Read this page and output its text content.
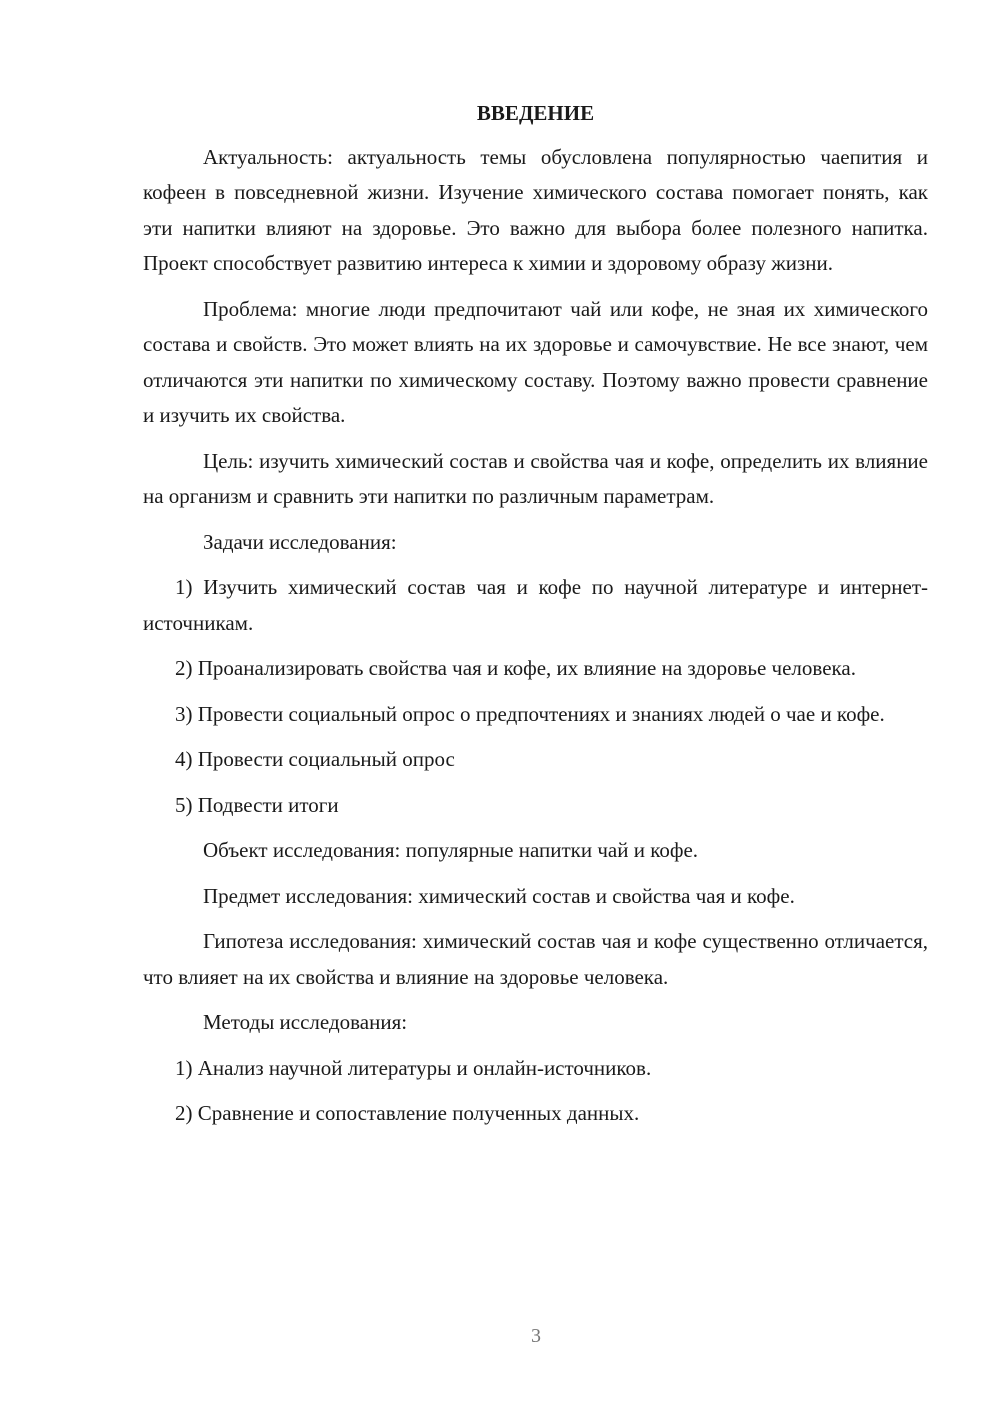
ВВЕДЕНИЕ

Актуальность: актуальность темы обусловлена популярностью чаепития и кофеен в повседневной жизни. Изучение химического состава помогает понять, как эти напитки влияют на здоровье. Это важно для выбора более полезного напитка. Проект способствует развитию интереса к химии и здоровому образу жизни.

Проблема: многие люди предпочитают чай или кофе, не зная их химического состава и свойств. Это может влиять на их здоровье и самочувствие. Не все знают, чем отличаются эти напитки по химическому составу. Поэтому важно провести сравнение и изучить их свойства.

Цель: изучить химический состав и свойства чая и кофе, определить их влияние на организм и сравнить эти напитки по различным параметрам.

Задачи исследования:

1) Изучить химический состав чая и кофе по научной литературе и интернет-источникам.

2) Проанализировать свойства чая и кофе, их влияние на здоровье человека.

3) Провести социальный опрос о предпочтениях и знаниях людей о чае и кофе.

4) Провести социальный опрос

5) Подвести итоги

Объект исследования: популярные напитки чай и кофе.

Предмет исследования: химический состав и свойства чая и кофе.

Гипотеза исследования: химический состав чая и кофе существенно отличается, что влияет на их свойства и влияние на здоровье человека.

Методы исследования:

1) Анализ научной литературы и онлайн-источников.

2) Сравнение и сопоставление полученных данных.

3
